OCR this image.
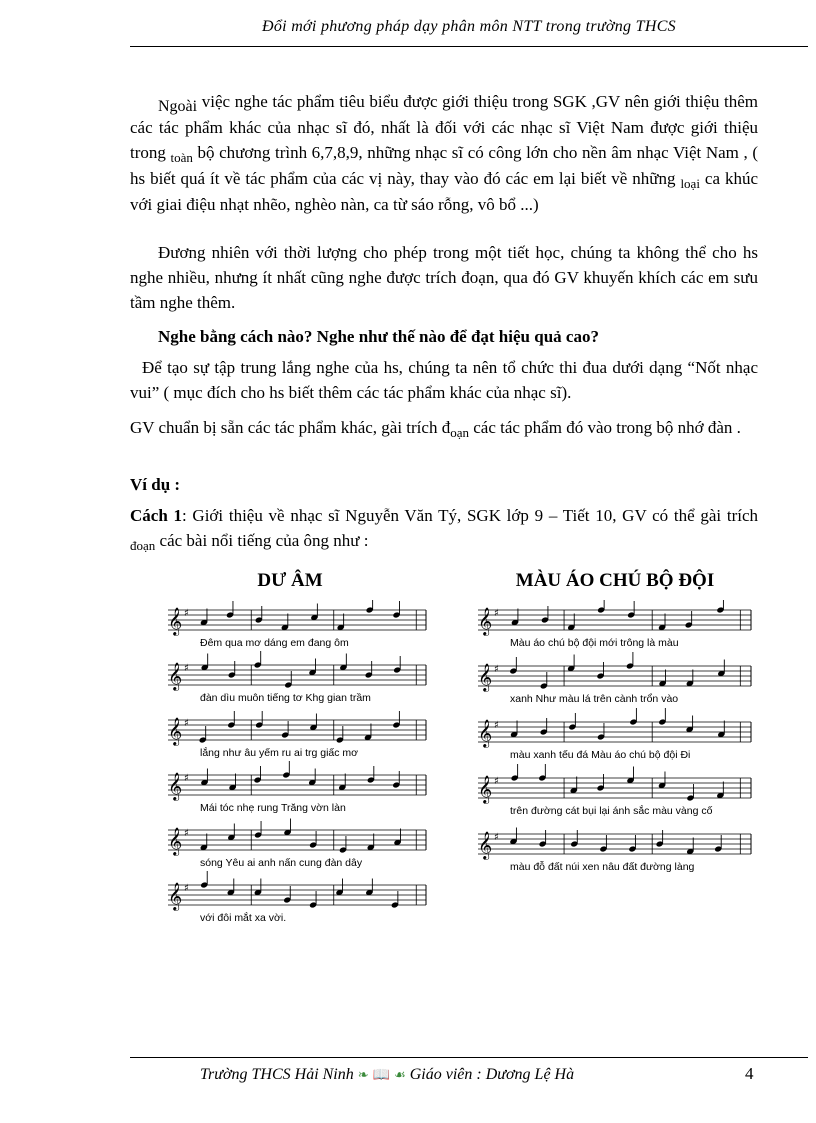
Đổi mới phương pháp dạy phân môn NTT trong trường THCS
Ngoài việc nghe tác phẩm tiêu biểu được giới thiệu trong SGK ,GV nên giới thiệu thêm các tác phẩm khác của nhạc sĩ đó, nhất là đối với các nhạc sĩ Việt Nam được giới thiệu trong $_{toàn}$ bộ chương trình 6,7,8,9, những nhạc sĩ có công lớn cho nền âm nhạc Việt Nam , ( hs biết quá ít về tác phẩm của các vị này, thay vào đó các em lại biết về những $_{loại}$ ca khúc với giai điệu nhạt nhẽo, nghèo nàn, ca từ sáo rỗng, vô bổ ...)
Đương nhiên với thời lượng cho phép trong một tiết học, chúng ta không thể cho hs nghe nhiều, nhưng ít nhất cũng nghe được trích đoạn, qua đó GV khuyến khích các em sưu tầm nghe thêm.
Nghe bằng cách nào? Nghe như thế nào để đạt hiệu quả cao?
Để tạo sự tập trung lắng nghe của hs, chúng ta nên tổ chức thi đua dưới dạng “Nốt nhạc vui” ( mục đích cho hs biết thêm các tác phẩm khác của nhạc sĩ).
GV chuẩn bị sẵn các tác phẩm khác, gài trích $đ_{oạn}$ các tác phẩm đó vào trong bộ nhớ đàn .
Ví dụ :
Cách 1: Giới thiệu về nhạc sĩ Nguyễn Văn Tý, SGK lớp 9 – Tiết 10, GV có thể gài trích $_{đoạn}$ các bài nổi tiếng của ông như :
DƯ ÂM	MÀU ÁO CHÚ BỘ ĐỘI
𝄞 ♯
Đêm qua mơ dáng em đang ôm
𝄞 ♯
đàn dìu muôn tiếng tơ Khg gian trầm
𝄞 ♯
lắng như âu yếm ru ai trg giấc mơ
𝄞 ♯
Mái tóc nhẹ rung Trăng vờn làn
𝄞 ♯
sóng Yêu ai anh nấn cung đàn dây
𝄞 ♯
với đôi mắt xa vời.
𝄞 ♯
Màu áo chú bộ đội mới trông là màu
𝄞 ♯
xanh Như màu lá trên cành trổn vào
𝄞 ♯
màu xanh tếu đá Màu áo chú bộ đội Đi
𝄞 ♯
trên đường cát bụi lại ánh sắc màu vàng cố
𝄞 ♯
màu đỗ đất núi xen nâu đất đường làng
Trường THCS Hải Ninh ❧ 📖 ☙ Giáo viên : Dương Lệ Hà	4
